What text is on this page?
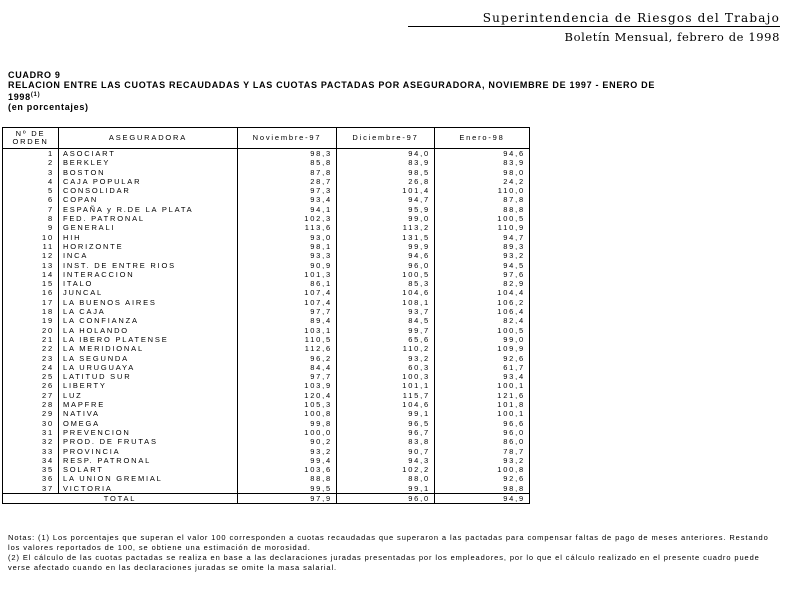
Superintendencia de Riesgos del Trabajo
Boletín Mensual, febrero de 1998
CUADRO 9
RELACION ENTRE LAS CUOTAS RECAUDADAS Y LAS CUOTAS PACTADAS POR ASEGURADORA, NOVIEMBRE DE 1997 - ENERO DE
1998$^{(1)}$
(en porcentajes)
Nº DE ORDEN	ASEGURADORA	Noviembre-97	Diciembre-97	Enero-98
1	ASOCIART	98,3	94,0	94,6
2	BERKLEY	85,8	83,9	83,9
3	BOSTON	87,8	98,5	98,0
4	CAJA POPULAR	28,7	26,8	24,2
5	CONSOLIDAR	97,3	101,4	110,0
6	COPAN	93,4	94,7	87,8
7	ESPAÑA y R.DE LA PLATA	94,1	95,9	88,8
8	FED. PATRONAL	102,3	99,0	100,5
9	GENERALI	113,6	113,2	110,9
10	HIH	93,0	131,5	94,7
11	HORIZONTE	98,1	99,9	89,3
12	INCA	93,3	94,6	93,2
13	INST. DE ENTRE RIOS	90,9	96,0	94,5
14	INTERACCION	101,3	100,5	97,6
15	ITALO	86,1	85,3	82,9
16	JUNCAL	107,4	104,6	104,4
17	LA BUENOS AIRES	107,4	108,1	106,2
18	LA CAJA	97,7	93,7	106,4
19	LA CONFIANZA	89,4	84,5	82,4
20	LA HOLANDO	103,1	99,7	100,5
21	LA IBERO PLATENSE	110,5	65,6	99,0
22	LA MERIDIONAL	112,6	110,2	109,9
23	LA SEGUNDA	96,2	93,2	92,6
24	LA URUGUAYA	84,4	60,3	61,7
25	LATITUD SUR	97,7	100,3	93,4
26	LIBERTY	103,9	101,1	100,1
27	LUZ	120,4	115,7	121,6
28	MAPFRE	105,3	104,6	101,8
29	NATIVA	100,8	99,1	100,1
30	OMEGA	99,8	96,5	96,6
31	PREVENCION	100,0	96,7	96,0
32	PROD. DE FRUTAS	90,2	83,8	86,0
33	PROVINCIA	93,2	90,7	78,7
34	RESP. PATRONAL	99,4	94,3	93,2
35	SOLART	103,6	102,2	100,8
36	LA UNION GREMIAL	88,8	88,0	92,6
37	VICTORIA	99,5	99,1	98,8
TOTAL		97,9	96,0	94,9
Notas: (1) Los porcentajes que superan el valor 100 corresponden a cuotas recaudadas que superaron a las pactadas para compensar faltas de pago de meses anteriores. Restando los valores reportados de 100, se obtiene una estimación de morosidad.
(2) El cálculo de las cuotas pactadas se realiza en base a las declaraciones juradas presentadas por los empleadores, por lo que el cálculo realizado en el presente cuadro puede verse afectado cuando en las declaraciones juradas se omite la masa salarial.
